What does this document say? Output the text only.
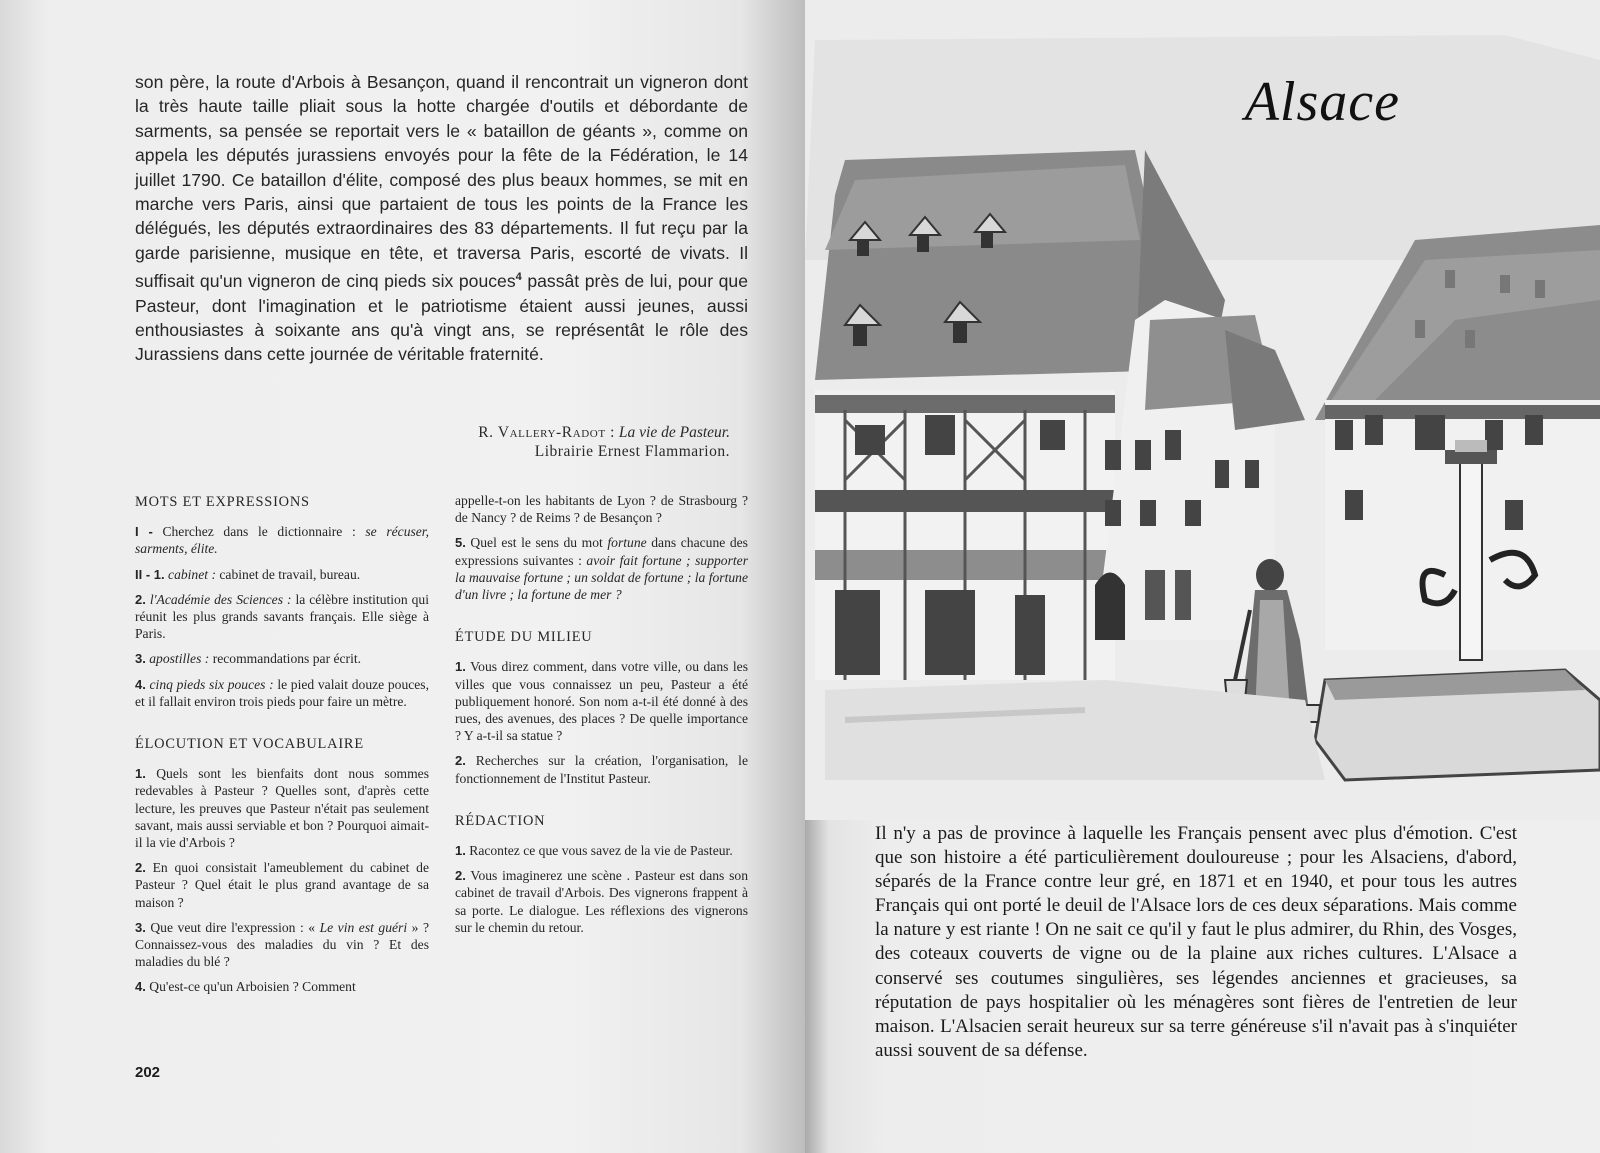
son père, la route d'Arbois à Besançon, quand il rencontrait un vigneron dont la très haute taille pliait sous la hotte chargée d'outils et débordante de sarments, sa pensée se reportait vers le « bataillon de géants », comme on appela les députés jurassiens envoyés pour la fête de la Fédération, le 14 juillet 1790. Ce bataillon d'élite, composé des plus beaux hommes, se mit en marche vers Paris, ainsi que partaient de tous les points de la France les délégués, les députés extraordinaires des 83 départements. Il fut reçu par la garde parisienne, musique en tête, et traversa Paris, escorté de vivats. Il suffisait qu'un vigneron de cinq pieds six pouces$^4$ passât près de lui, pour que Pasteur, dont l'imagination et le patriotisme étaient aussi jeunes, aussi enthousiastes à soixante ans qu'à vingt ans, se représentât le rôle des Jurassiens dans cette journée de véritable fraternité.
R. Vallery-Radot : La vie de Pasteur.
Librairie Ernest Flammarion.
MOTS ET EXPRESSIONS
I - Cherchez dans le dictionnaire : se récuser, sarments, élite.
II - 1. cabinet : cabinet de travail, bureau.
2. l'Académie des Sciences : la célèbre institution qui réunit les plus grands savants français. Elle siège à Paris.
3. apostilles : recommandations par écrit.
4. cinq pieds six pouces : le pied valait douze pouces, et il fallait environ trois pieds pour faire un mètre.
ÉLOCUTION ET VOCABULAIRE
1. Quels sont les bienfaits dont nous sommes redevables à Pasteur ? Quelles sont, d'après cette lecture, les preuves que Pasteur n'était pas seulement savant, mais aussi serviable et bon ? Pourquoi aimait-il la vie d'Arbois ?
2. En quoi consistait l'ameublement du cabinet de Pasteur ? Quel était le plus grand avantage de sa maison ?
3. Que veut dire l'expression : « Le vin est guéri » ? Connaissez-vous des maladies du vin ? Et des maladies du blé ?
4. Qu'est-ce qu'un Arboisien ? Comment
appelle-t-on les habitants de Lyon ? de Strasbourg ? de Nancy ? de Reims ? de Besançon ?
5. Quel est le sens du mot fortune dans chacune des expressions suivantes : avoir fait fortune ; supporter la mauvaise fortune ; un soldat de fortune ; la fortune d'un livre ; la fortune de mer ?
ÉTUDE DU MILIEU
1. Vous direz comment, dans votre ville, ou dans les villes que vous connaissez un peu, Pasteur a été publiquement honoré. Son nom a-t-il été donné à des rues, des avenues, des places ? De quelle importance ? Y a-t-il sa statue ?
2. Recherches sur la création, l'organisation, le fonctionnement de l'Institut Pasteur.
RÉDACTION
1. Racontez ce que vous savez de la vie de Pasteur.
2. Vous imaginerez une scène . Pasteur est dans son cabinet de travail d'Arbois. Des vignerons frappent à sa porte. Le dialogue. Les réflexions des vignerons sur le chemin du retour.
202
Alsace
Il n'y a pas de province à laquelle les Français pensent avec plus d'émotion. C'est que son histoire a été particulièrement douloureuse ; pour les Alsaciens, d'abord, séparés de la France contre leur gré, en 1871 et en 1940, et pour tous les autres Français qui ont porté le deuil de l'Alsace lors de ces deux séparations. Mais comme la nature y est riante ! On ne sait ce qu'il y faut le plus admirer, du Rhin, des Vosges, des coteaux couverts de vigne ou de la plaine aux riches cultures. L'Alsace a conservé ses coutumes singulières, ses légendes anciennes et gracieuses, sa réputation de pays hospitalier où les ménagères sont fières de l'entretien de leur maison. L'Alsacien serait heureux sur sa terre généreuse s'il n'avait pas à s'inquiéter aussi souvent de sa défense.
